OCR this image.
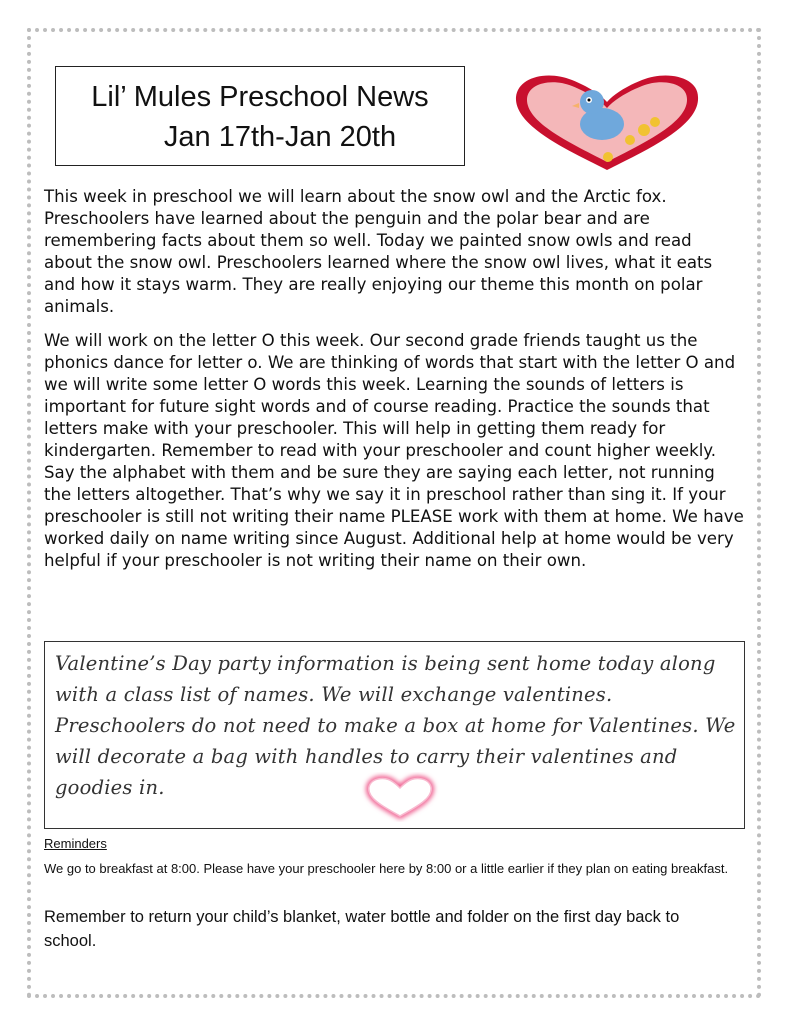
Lil’ Mules Preschool News
Jan 17th-Jan 20th
This week in preschool we will learn about the snow owl and the Arctic fox. Preschoolers have learned about the penguin and the polar bear and are remembering facts about them so well. Today we painted snow owls and read about the snow owl. Preschoolers learned where the snow owl lives, what it eats and how it stays warm. They are really enjoying our theme this month on polar animals.
We will work on the letter O this week. Our second grade friends taught us the phonics dance for letter o. We are thinking of words that start with the letter O and we will write some letter O words this week. Learning the sounds of letters is important for future sight words and of course reading. Practice the sounds that letters make with your preschooler. This will help in getting them ready for kindergarten. Remember to read with your preschooler and count higher weekly. Say the alphabet with them and be sure they are saying each letter, not running the letters altogether. That’s why we say it in preschool rather than sing it. If your preschooler is still not writing their name PLEASE work with them at home. We have worked daily on name writing since August. Additional help at home would be very helpful if your preschooler is not writing their name on their own.
Valentine’s Day party information is being sent home today along with a class list of names. We will exchange valentines. Preschoolers do not need to make a box at home for Valentines. We will decorate a bag with handles to carry their valentines and goodies in.
Reminders
We go to breakfast at 8:00. Please have your preschooler here by 8:00 or a little earlier if they plan on eating breakfast.
Remember to return your child’s blanket, water bottle and folder on the first day back to school.
